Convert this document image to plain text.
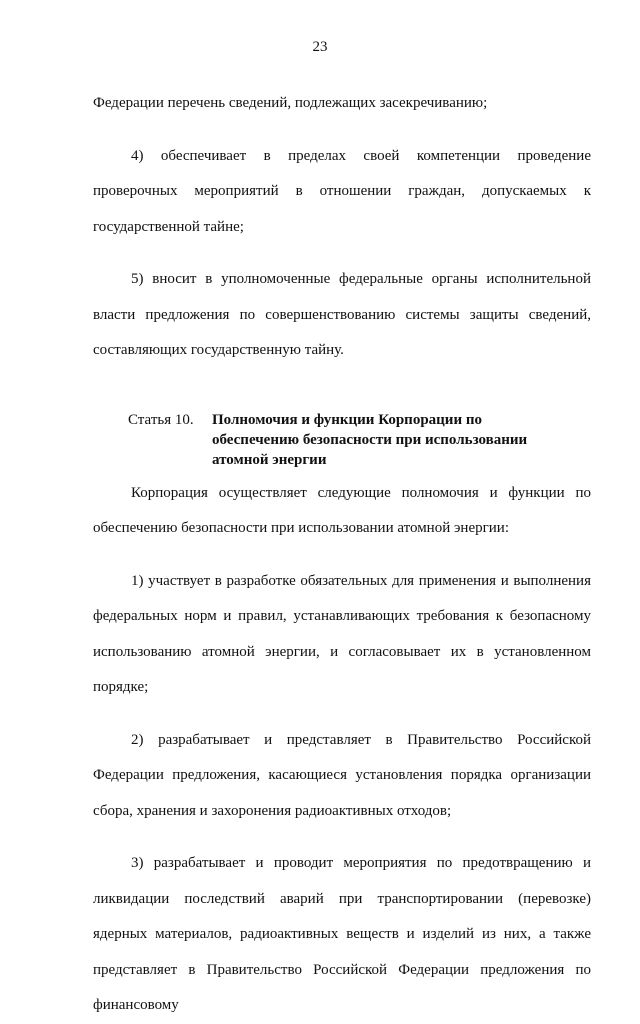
23

Федерации перечень сведений, подлежащих засекречиванию;

4) обеспечивает в пределах своей компетенции проведение проверочных мероприятий в отношении граждан, допускаемых к государственной тайне;

5) вносит в уполномоченные федеральные органы исполнительной власти предложения по совершенствованию системы защиты сведений, составляющих государственную тайну.

Статья 10.	Полномочия и функции Корпорации по обеспечению безопасности при использовании атомной энергии

Корпорация осуществляет следующие полномочия и функции по обеспечению безопасности при использовании атомной энергии:

1) участвует в разработке обязательных для применения и выполнения федеральных норм и правил, устанавливающих требования к безопасному использованию атомной энергии, и согласовывает их в установленном порядке;

2) разрабатывает и представляет в Правительство Российской Федерации предложения, касающиеся установления порядка организации сбора, хранения и захоронения радиоактивных отходов;

3) разрабатывает и проводит мероприятия по предотвращению и ликвидации последствий аварий при транспортировании (перевозке) ядерных материалов, радиоактивных веществ и изделий из них, а также представляет в Правительство Российской Федерации предложения по финансовому
